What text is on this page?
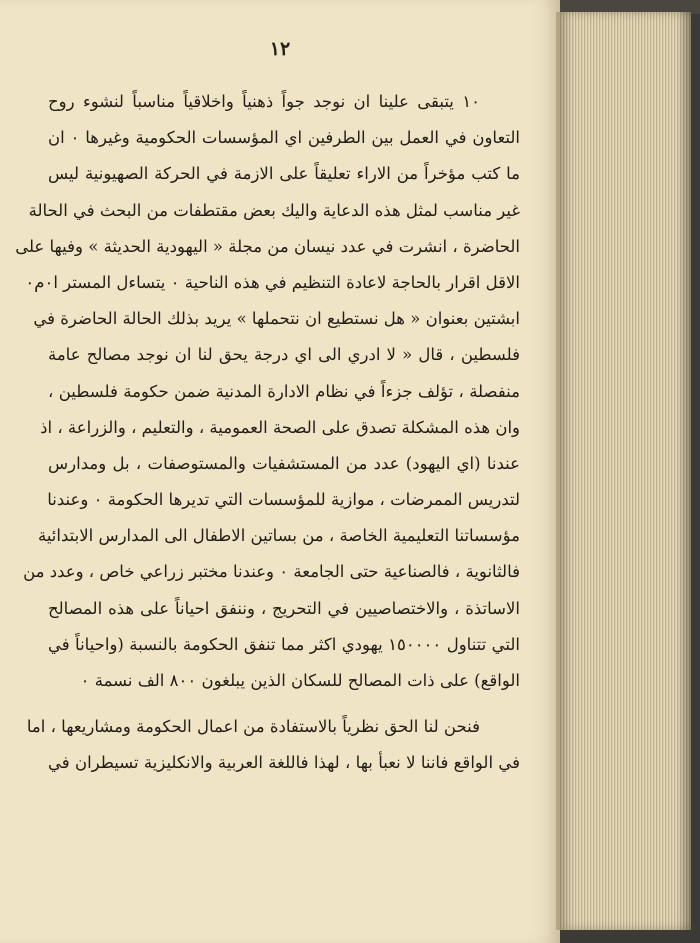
١٢
١٠ يتبقى علينا ان نوجد جواً ذهنياً واخلاقياً مناسباً لنشوء روح
التعاون في العمل بين الطرفين اي المؤسسات الحكومية وغيرها ٠ ان
ما كتب مؤخراً من الاراء تعليقاً على الازمة في الحركة الصهيونية ليس
غير مناسب لمثل هذه الدعاية واليك بعض مقتطفات من البحث في الحالة
الحاضرة ، انشرت في عدد نيسان من مجلة « اليهودية الحديثة » وفيها على
الاقل اقرار بالحاجة لاعادة التنظيم في هذه الناحية ٠ يتساءل المستر ا٠م٠
ابشتين بعنوان « هل نستطيع ان نتحملها » يريد بذلك الحالة الحاضرة في
فلسطين ، قال « لا ادري الى اي درجة يحق لنا ان نوجد مصالح عامة
منفصلة ، تؤلف جزءاً في نظام الادارة المدنية ضمن حكومة فلسطين ،
وان هذه المشكلة تصدق على الصحة العمومية ، والتعليم ، والزراعة ، اذ
عندنا (اي اليهود) عدد من المستشفيات والمستوصفات ، بل ومدارس
لتدريس الممرضات ، موازية للمؤسسات التي تديرها الحكومة ٠ وعندنا
مؤسساتنا التعليمية الخاصة ، من بساتين الاطفال الى المدارس الابتدائية
فالثانوية ، فالصناعية حتى الجامعة ٠ وعندنا مختبر زراعي خاص ، وعدد من
الاساتذة ، والاختصاصيين في التحريج ، وننفق احياناً على هذه المصالح
التي تتناول ١٥٠٠٠٠ يهودي اكثر مما تنفق الحكومة بالنسبة (واحياناً في
الواقع) على ذات المصالح للسكان الذين يبلغون ٨٠٠ الف نسمة ٠
فنحن لنا الحق نظرياً بالاستفادة من اعمال الحكومة ومشاريعها ، اما
في الواقع فاننا لا نعبأ بها ، لهذا فاللغة العربية والانكليزية تسيطران في
